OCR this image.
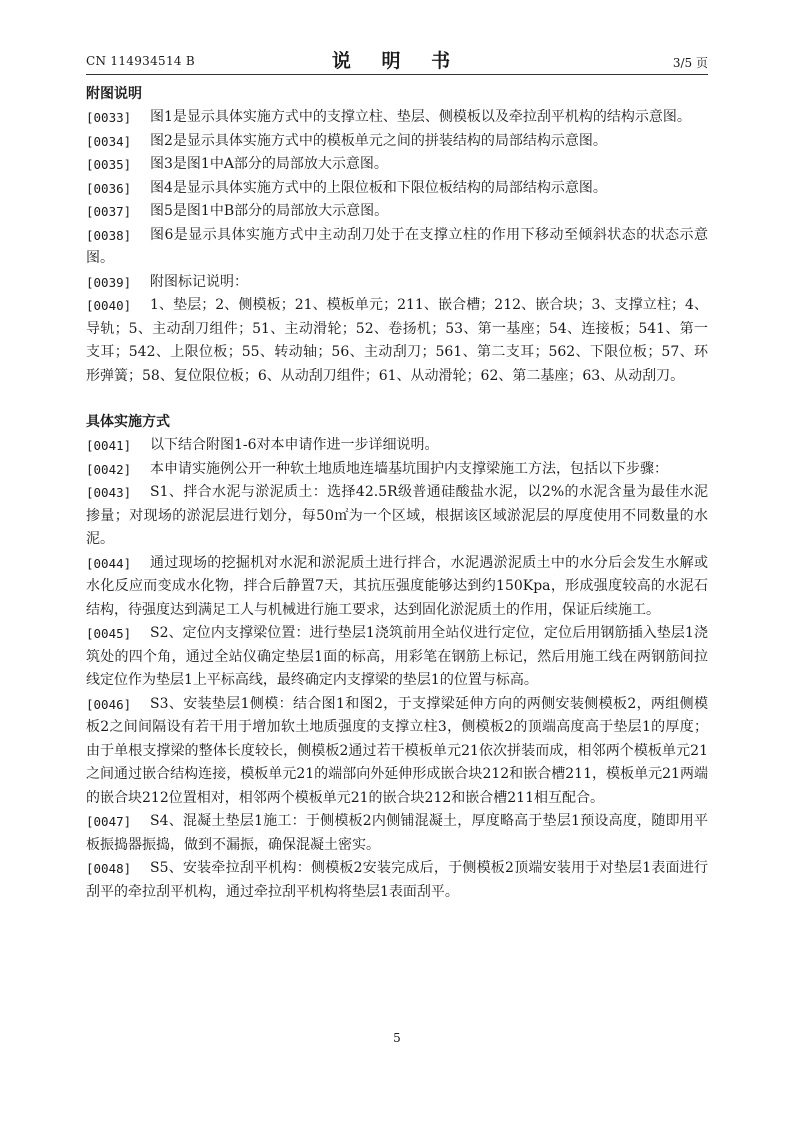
CN 114934514 B	说 明 书	3/5 页
附图说明
[0033]	图1是显示具体实施方式中的支撑立柱、垫层、侧模板以及牵拉刮平机构的结构示意图。
[0034]	图2是显示具体实施方式中的模板单元之间的拼装结构的局部结构示意图。
[0035]	图3是图1中A部分的局部放大示意图。
[0036]	图4是显示具体实施方式中的上限位板和下限位板结构的局部结构示意图。
[0037]	图5是图1中B部分的局部放大示意图。
[0038]	图6是显示具体实施方式中主动刮刀处于在支撑立柱的作用下移动至倾斜状态的状态示意图。
[0039]	附图标记说明：
[0040]	1、垫层；2、侧模板；21、模板单元；211、嵌合槽；212、嵌合块；3、支撑立柱；4、导轨；5、主动刮刀组件；51、主动滑轮；52、卷扬机；53、第一基座；54、连接板；541、第一支耳；542、上限位板；55、转动轴；56、主动刮刀；561、第二支耳；562、下限位板；57、环形弹簧；58、复位限位板；6、从动刮刀组件；61、从动滑轮；62、第二基座；63、从动刮刀。
具体实施方式
[0041]	以下结合附图1-6对本申请作进一步详细说明。
[0042]	本申请实施例公开一种软土地质地连墙基坑围护内支撑梁施工方法，包括以下步骤：
[0043]	S1、拌合水泥与淤泥质土：选择42.5R级普通硅酸盐水泥，以2%的水泥含量为最佳水泥掺量；对现场的淤泥层进行划分，每50㎡为一个区域，根据该区域淤泥层的厚度使用不同数量的水泥。
[0044]	通过现场的挖掘机对水泥和淤泥质土进行拌合，水泥遇淤泥质土中的水分后会发生水解或水化反应而变成水化物，拌合后静置7天，其抗压强度能够达到约150Kpa，形成强度较高的水泥石结构，待强度达到满足工人与机械进行施工要求，达到固化淤泥质土的作用，保证后续施工。
[0045]	S2、定位内支撑梁位置：进行垫层1浇筑前用全站仪进行定位，定位后用钢筋插入垫层1浇筑处的四个角，通过全站仪确定垫层1面的标高，用彩笔在钢筋上标记，然后用施工线在两钢筋间拉线定位作为垫层1上平标高线，最终确定内支撑梁的垫层1的位置与标高。
[0046]	S3、安装垫层1侧模：结合图1和图2，于支撑梁延伸方向的两侧安装侧模板2，两组侧模板2之间间隔设有若干用于增加软土地质强度的支撑立柱3，侧模板2的顶端高度高于垫层1的厚度；由于单根支撑梁的整体长度较长，侧模板2通过若干模板单元21依次拼装而成，相邻两个模板单元21之间通过嵌合结构连接，模板单元21的端部向外延伸形成嵌合块212和嵌合槽211，模板单元21两端的嵌合块212位置相对，相邻两个模板单元21的嵌合块212和嵌合槽211相互配合。
[0047]	S4、混凝土垫层1施工：于侧模板2内侧铺混凝土，厚度略高于垫层1预设高度，随即用平板振捣器振捣，做到不漏振，确保混凝土密实。
[0048]	S5、安装牵拉刮平机构：侧模板2安装完成后，于侧模板2顶端安装用于对垫层1表面进行刮平的牵拉刮平机构，通过牵拉刮平机构将垫层1表面刮平。
5
